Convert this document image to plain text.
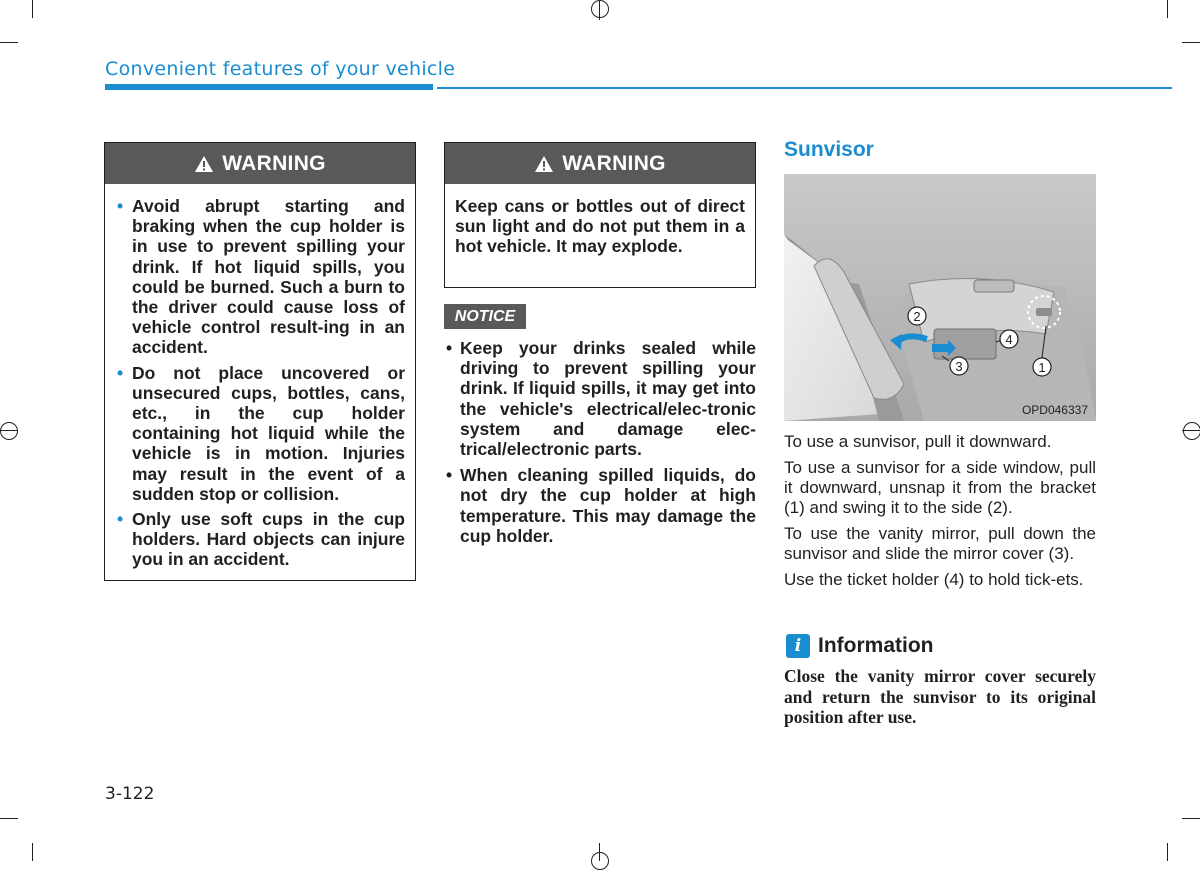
Convenient features of your vehicle
WARNING
• Avoid abrupt starting and braking when the cup holder is in use to prevent spilling your drink. If hot liquid spills, you could be burned. Such a burn to the driver could cause loss of vehicle control result-ing in an accident.
• Do not place uncovered or unsecured cups, bottles, cans, etc., in the cup holder containing hot liquid while the vehicle is in motion. Injuries may result in the event of a sudden stop or collision.
• Only use soft cups in the cup holders. Hard objects can injure you in an accident.
WARNING
Keep cans or bottles out of direct sun light and do not put them in a hot vehicle. It may explode.
NOTICE
• Keep your drinks sealed while driving to prevent spilling your drink. If liquid spills, it may get into the vehicle's electrical/elec-tronic system and damage elec-trical/electronic parts.
• When cleaning spilled liquids, do not dry the cup holder at high temperature. This may damage the cup holder.
Sunvisor
2
3
4
1
OPD046337
To use a sunvisor, pull it downward.
To use a sunvisor for a side window, pull it downward, unsnap it from the bracket (1) and swing it to the side (2).
To use the vanity mirror, pull down the sunvisor and slide the mirror cover (3).
Use the ticket holder (4) to hold tick-ets.
i Information
Close the vanity mirror cover securely and return the sunvisor to its original position after use.
3-122
